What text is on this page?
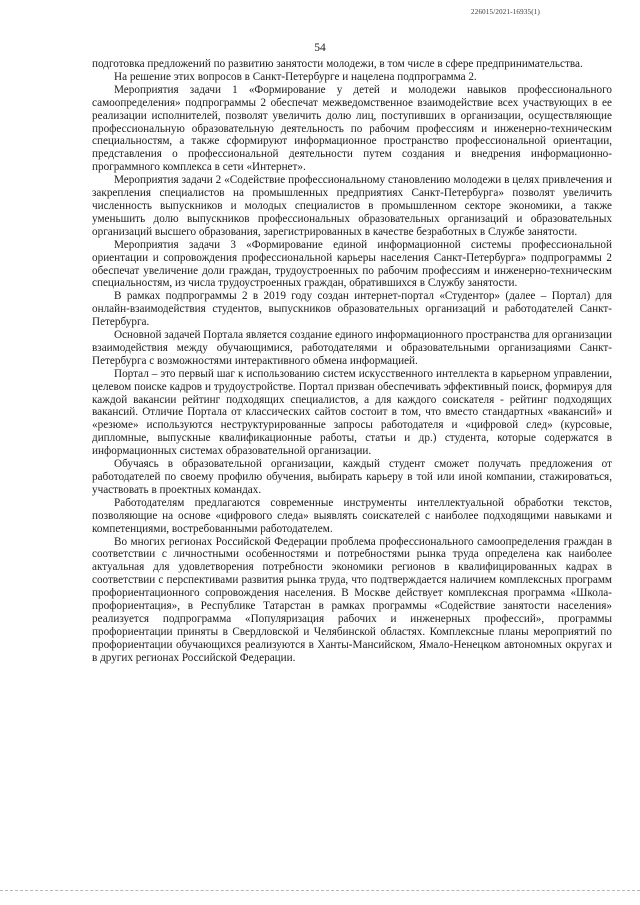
226015/2021-16935(1)
54

подготовка предложений по развитию занятости молодежи, в том числе в сфере предпринимательства.

На решение этих вопросов в Санкт-Петербурге и нацелена подпрограмма 2.

Мероприятия задачи 1 «Формирование у детей и молодежи навыков профессионального самоопределения» подпрограммы 2 обеспечат межведомственное взаимодействие всех участвующих в ее реализации исполнителей, позволят увеличить долю лиц, поступивших в организации, осуществляющие профессиональную образовательную деятельность по рабочим профессиям и инженерно-техническим специальностям, а также сформируют информационное пространство профессиональной ориентации, представления о профессиональной деятельности путем создания и внедрения информационно-программного комплекса в сети «Интернет».

Мероприятия задачи 2 «Содействие профессиональному становлению молодежи в целях привлечения и закрепления специалистов на промышленных предприятиях Санкт-Петербурга» позволят увеличить численность выпускников и молодых специалистов в промышленном секторе экономики, а также уменьшить долю выпускников профессиональных образовательных организаций и образовательных организаций высшего образования, зарегистрированных в качестве безработных в Службе занятости.

Мероприятия задачи 3 «Формирование единой информационной системы профессиональной ориентации и сопровождения профессиональной карьеры населения Санкт-Петербурга» подпрограммы 2 обеспечат увеличение доли граждан, трудоустроенных по рабочим профессиям и инженерно-техническим специальностям, из числа трудоустроенных граждан, обратившихся в Службу занятости.

В рамках подпрограммы 2 в 2019 году создан интернет-портал «Студентор» (далее – Портал) для онлайн-взаимодействия студентов, выпускников образовательных организаций и работодателей Санкт-Петербурга.

Основной задачей Портала является создание единого информационного пространства для организации взаимодействия между обучающимися, работодателями и образовательными организациями Санкт-Петербурга с возможностями интерактивного обмена информацией.

Портал – это первый шаг к использованию систем искусственного интеллекта в карьерном управлении, целевом поиске кадров и трудоустройстве. Портал призван обеспечивать эффективный поиск, формируя для каждой вакансии рейтинг подходящих специалистов, а для каждого соискателя - рейтинг подходящих вакансий. Отличие Портала от классических сайтов состоит в том, что вместо стандартных «вакансий» и «резюме» используются неструктурированные запросы работодателя и «цифровой след» (курсовые, дипломные, выпускные квалификационные работы, статьи и др.) студента, которые содержатся в информационных системах образовательной организации.

Обучаясь в образовательной организации, каждый студент сможет получать предложения от работодателей по своему профилю обучения, выбирать карьеру в той или иной компании, стажироваться, участвовать в проектных командах.

Работодателям предлагаются современные инструменты интеллектуальной обработки текстов, позволяющие на основе «цифрового следа» выявлять соискателей с наиболее подходящими навыками и компетенциями, востребованными работодателем.

Во многих регионах Российской Федерации проблема профессионального самоопределения граждан в соответствии с личностными особенностями и потребностями рынка труда определена как наиболее актуальная для удовлетворения потребности экономики регионов в квалифицированных кадрах в соответствии с перспективами развития рынка труда, что подтверждается наличием комплексных программ профориентационного сопровождения населения. В Москве действует комплексная программа «Школа-профориентация», в Республике Татарстан в рамках программы «Содействие занятости населения» реализуется подпрограмма «Популяризация рабочих и инженерных профессий», программы профориентации приняты в Свердловской и Челябинской областях. Комплексные планы мероприятий по профориентации обучающихся реализуются в Ханты-Мансийском, Ямало-Ненецком автономных округах и в других регионах Российской Федерации.
